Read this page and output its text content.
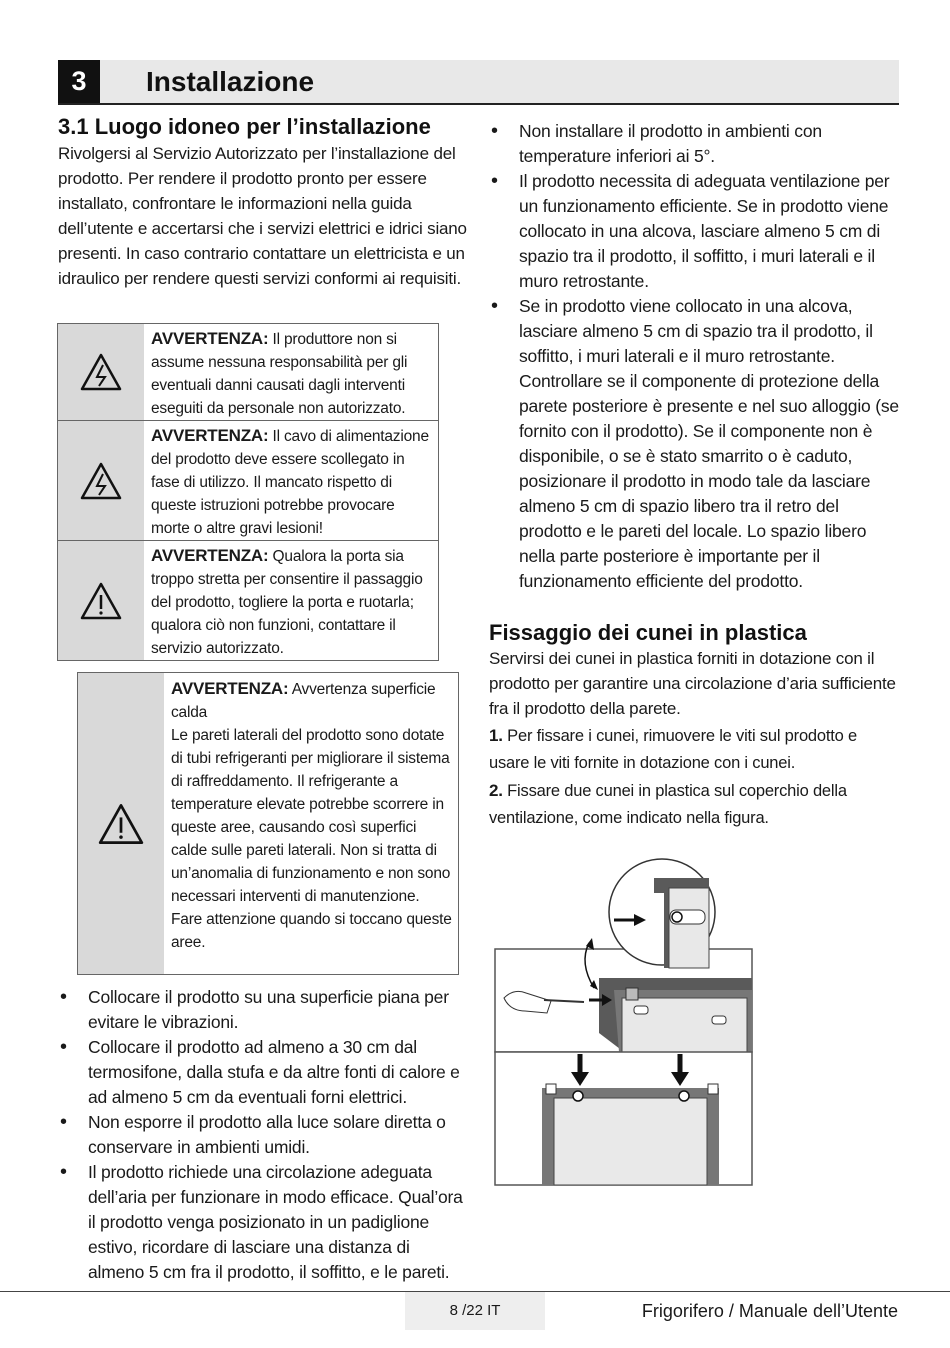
3	Installazione
3.1 Luogo idoneo per l’installazione

Rivolgersi al Servizio Autorizzato per l’installazione del prodotto. Per rendere il prodotto pronto per essere installato, confrontare le informazioni nella guida dell’utente e accertarsi che i servizi elettrici e idrici siano presenti. In caso contrario contattare un elettricista e un idraulico per rendere questi servizi conformi ai requisiti.

AVVERTENZA: Il produttore non si assume nessuna responsabilità per gli eventuali danni causati dagli interventi eseguiti da personale non autorizzato.
AVVERTENZA: Il cavo di alimentazione del prodotto deve essere scollegato in fase di utilizzo. Il mancato rispetto di queste istruzioni potrebbe provocare morte o altre gravi lesioni!
AVVERTENZA: Qualora la porta sia troppo stretta per consentire il passaggio del prodotto, togliere la porta e ruotarla; qualora ciò non funzioni, contattare il servizio autorizzato.
AVVERTENZA: Avvertenza superficie calda
Le pareti laterali del prodotto sono dotate di tubi refrigeranti per migliorare il sistema di raffreddamento. Il refrigerante a temperature elevate potrebbe scorrere in queste aree, causando così superfici calde sulle pareti laterali. Non si tratta di un’anomalia di funzionamento e non sono necessari interventi di manutenzione. Fare attenzione quando si toccano queste aree.
• Collocare il prodotto su una superficie piana per evitare le vibrazioni.
• Collocare il prodotto ad almeno a 30 cm dal termosifone, dalla stufa e da altre fonti di calore e ad almeno 5 cm da eventuali forni elettrici.
• Non esporre il prodotto alla luce solare diretta o conservare in ambienti umidi.
• Il prodotto richiede una circolazione adeguata dell’aria per funzionare in modo efficace. Qual’ora il prodotto venga posizionato in un padiglione estivo, ricordare di lasciare una distanza di almeno 5 cm fra il prodotto, il soffitto, e le pareti.
• Non installare il prodotto in ambienti con temperature inferiori ai 5°.
• Il prodotto necessita di adeguata ventilazione per un funzionamento efficiente. Se in prodotto viene collocato in una alcova, lasciare almeno 5 cm di spazio tra il prodotto, il soffitto, i muri laterali e il muro retrostante.
• Se in prodotto viene collocato in una alcova, lasciare almeno 5 cm di spazio tra il prodotto, il soffitto, i muri laterali e il muro retrostante. Controllare se il componente di protezione della parete posteriore è presente e nel suo alloggio (se fornito con il prodotto). Se il componente non è disponibile, o se è stato smarrito o è caduto, posizionare il prodotto in modo tale da lasciare almeno 5 cm di spazio libero tra il retro del prodotto e le pareti del locale. Lo spazio libero nella parte posteriore è importante per il funzionamento efficiente del prodotto.
Fissaggio dei cunei in plastica

Servirsi dei cunei in plastica forniti in dotazione con il prodotto per garantire una circolazione d’aria sufficiente fra il prodotto della parete.

1. Per fissare i cunei, rimuovere le viti sul prodotto e usare le viti fornite in dotazione con i cunei.

2. Fissare due cunei in plastica sul coperchio della ventilazione, come indicato nella figura.

8 /22 IT	Frigorifero / Manuale dell’Utente
